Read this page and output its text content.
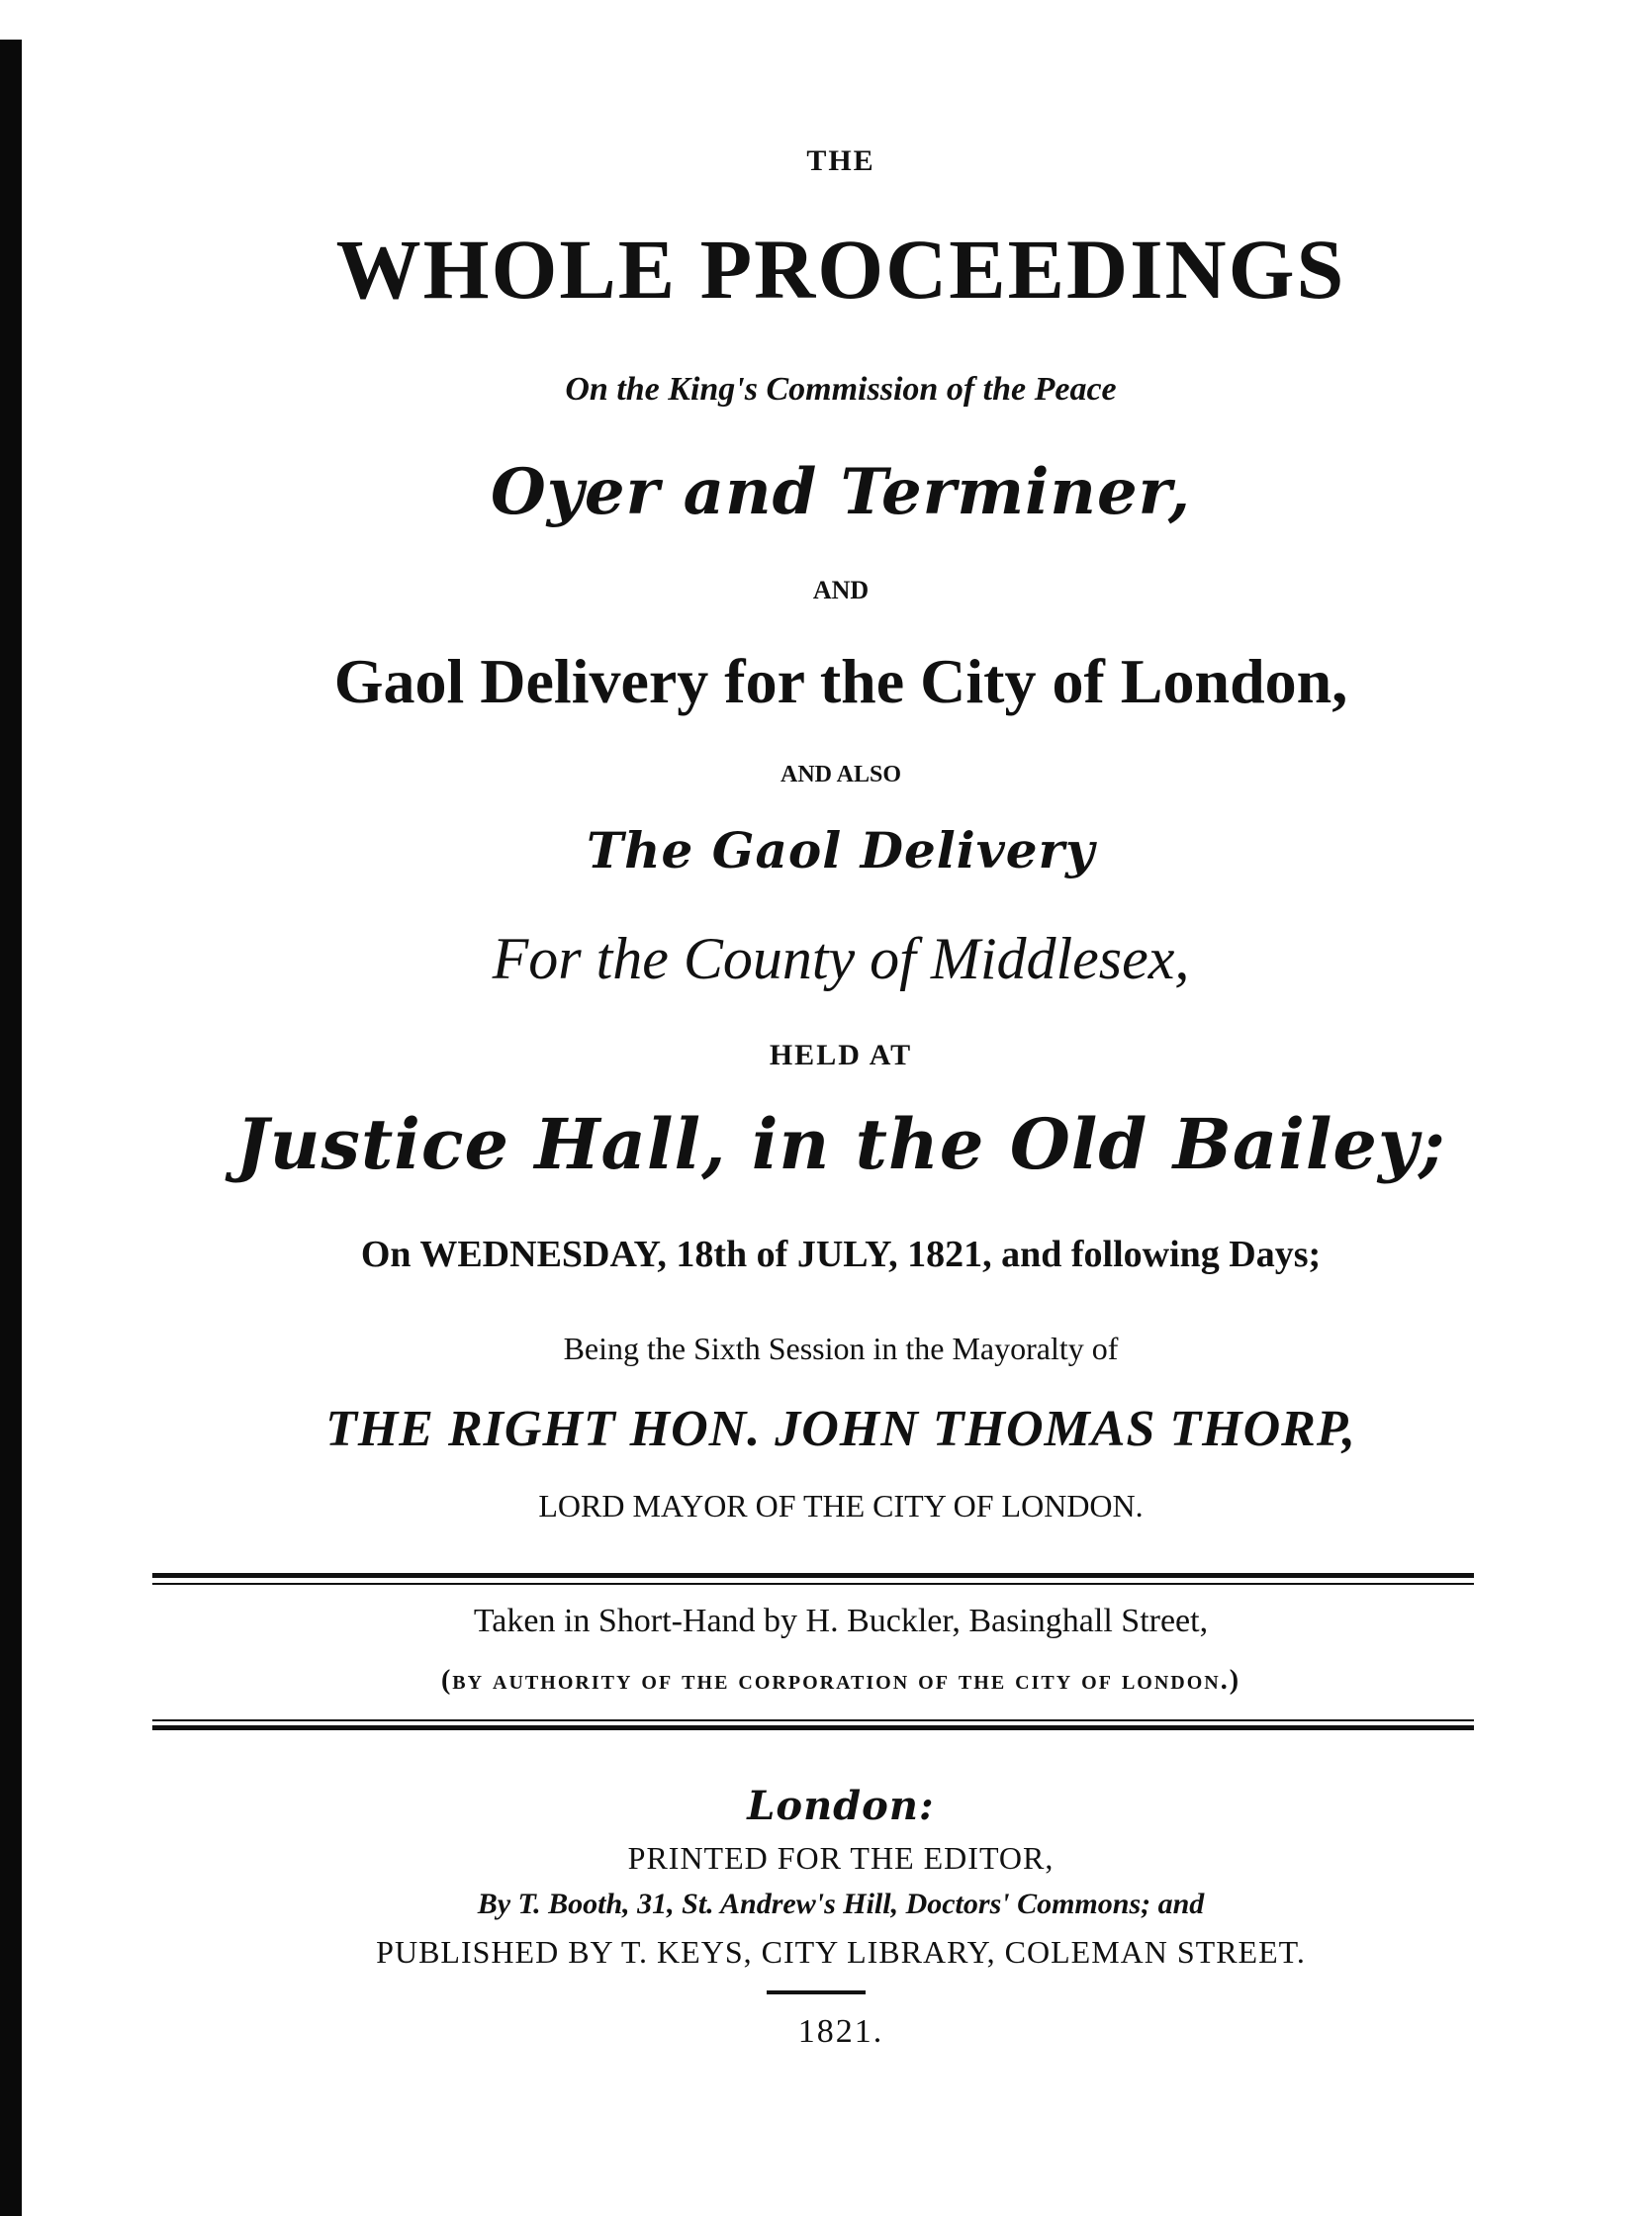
THE
WHOLE PROCEEDINGS
On the King's Commission of the Peace
Oyer and Terminer,
AND
Gaol Delivery for the City of London,
AND ALSO
The Gaol Delivery
For the County of Middlesex,
HELD AT
Justice Hall, in the Old Bailey;
On WEDNESDAY, 18th of JULY, 1821, and following Days;
Being the Sixth Session in the Mayoralty of
THE RIGHT HON. JOHN THOMAS THORP,
LORD MAYOR OF THE CITY OF LONDON.
Taken in Short-Hand by H. Buckler, Basinghall Street,
(by authority of the corporation of the city of london.)
London:
PRINTED FOR THE EDITOR,
By T. Booth, 31, St. Andrew's Hill, Doctors' Commons; and
PUBLISHED BY T. KEYS, CITY LIBRARY, COLEMAN STREET.
1821.
